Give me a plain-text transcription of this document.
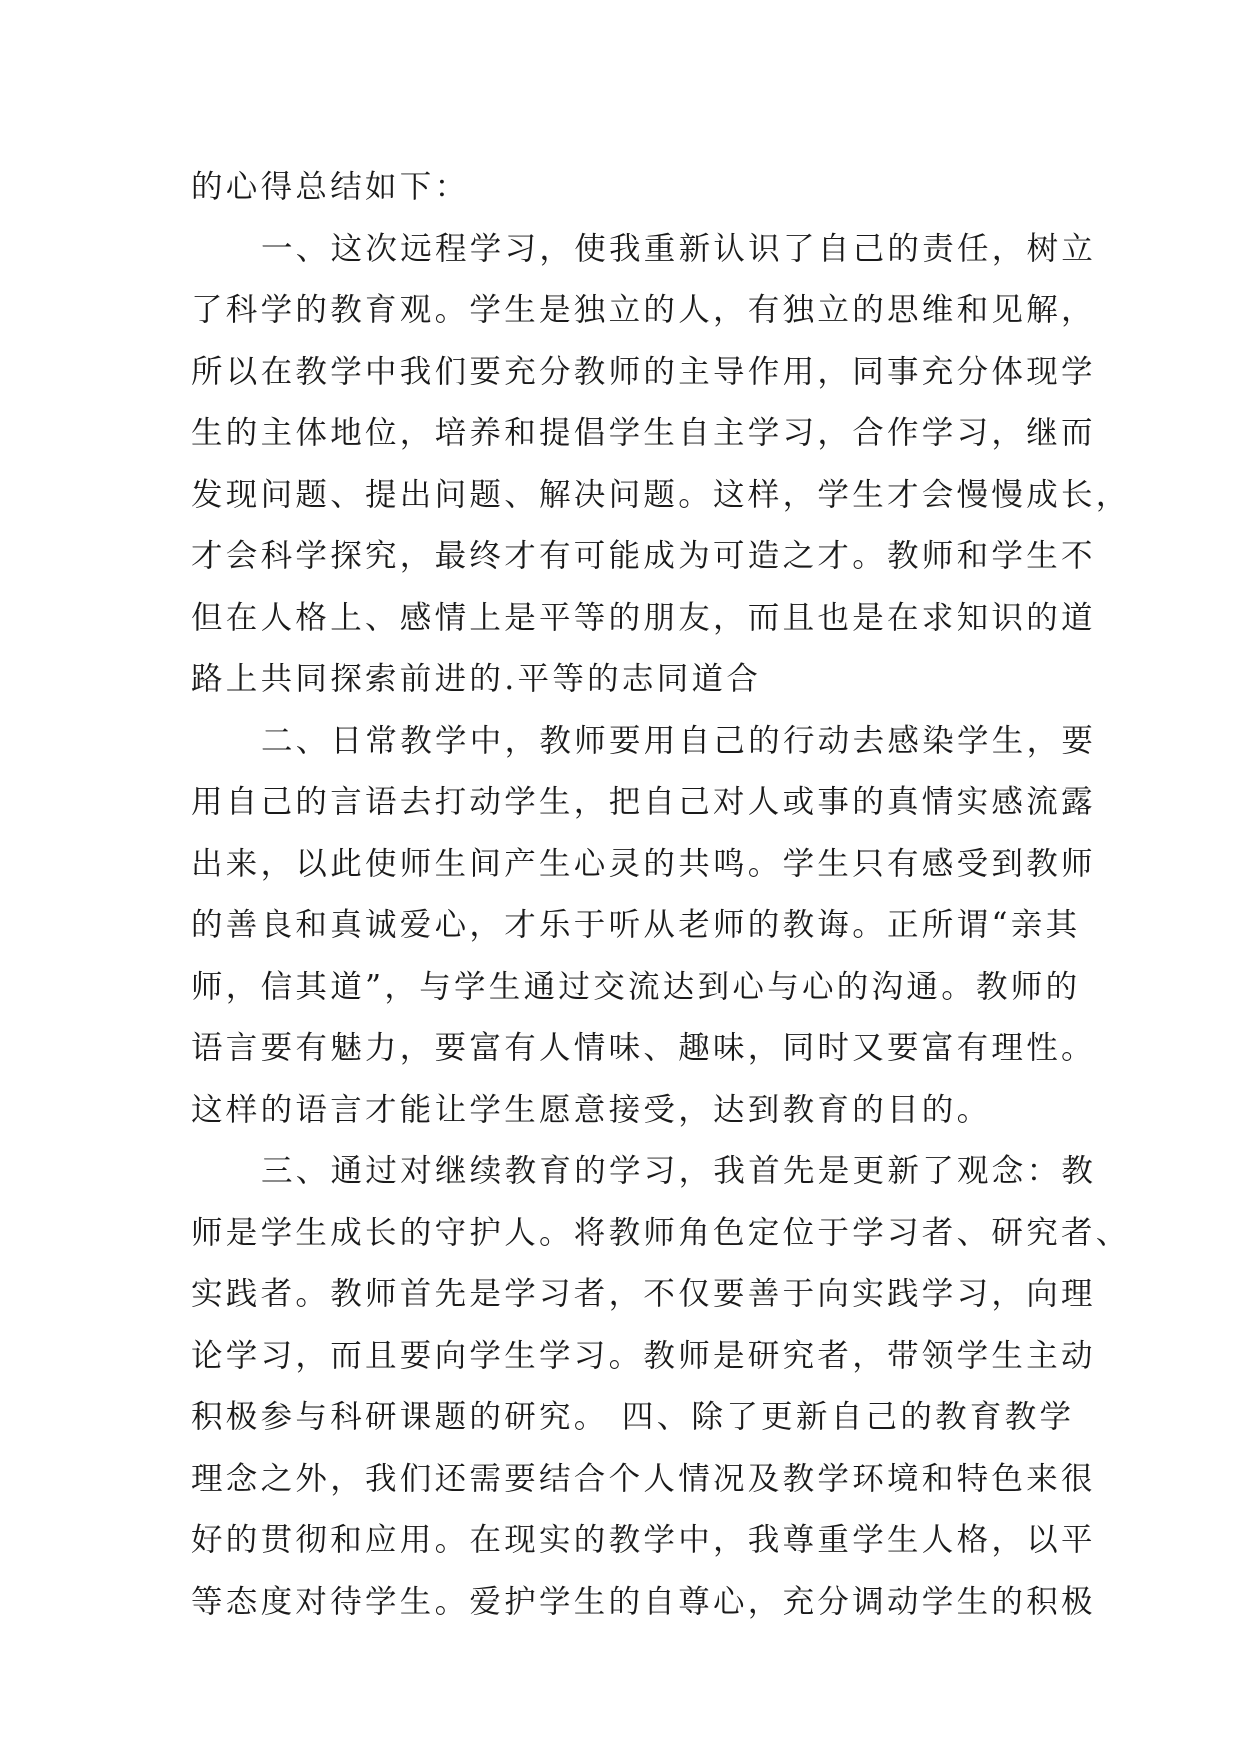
的心得总结如下：
一、这次远程学习，使我重新认识了自己的责任，树立
了科学的教育观。学生是独立的人，有独立的思维和见解，
所以在教学中我们要充分教师的主导作用，同事充分体现学
生的主体地位，培养和提倡学生自主学习，合作学习，继而
发现问题、提出问题、解决问题。这样，学生才会慢慢成长，
才会科学探究，最终才有可能成为可造之才。教师和学生不
但在人格上、感情上是平等的朋友，而且也是在求知识的道
路上共同探索前进的.平等的志同道合
二、日常教学中，教师要用自己的行动去感染学生，要
用自己的言语去打动学生，把自己对人或事的真情实感流露
出来，以此使师生间产生心灵的共鸣。学生只有感受到教师
的善良和真诚爱心，才乐于听从老师的教诲。正所谓“亲其
师，信其道”，与学生通过交流达到心与心的沟通。教师的
语言要有魅力，要富有人情味、趣味，同时又要富有理性。
这样的语言才能让学生愿意接受，达到教育的目的。
三、通过对继续教育的学习，我首先是更新了观念：教
师是学生成长的守护人。将教师角色定位于学习者、研究者、
实践者。教师首先是学习者，不仅要善于向实践学习，向理
论学习，而且要向学生学习。教师是研究者，带领学生主动
积极参与科研课题的研究。 四、除了更新自己的教育教学
理念之外，我们还需要结合个人情况及教学环境和特色来很
好的贯彻和应用。在现实的教学中，我尊重学生人格，以平
等态度对待学生。爱护学生的自尊心，充分调动学生的积极
